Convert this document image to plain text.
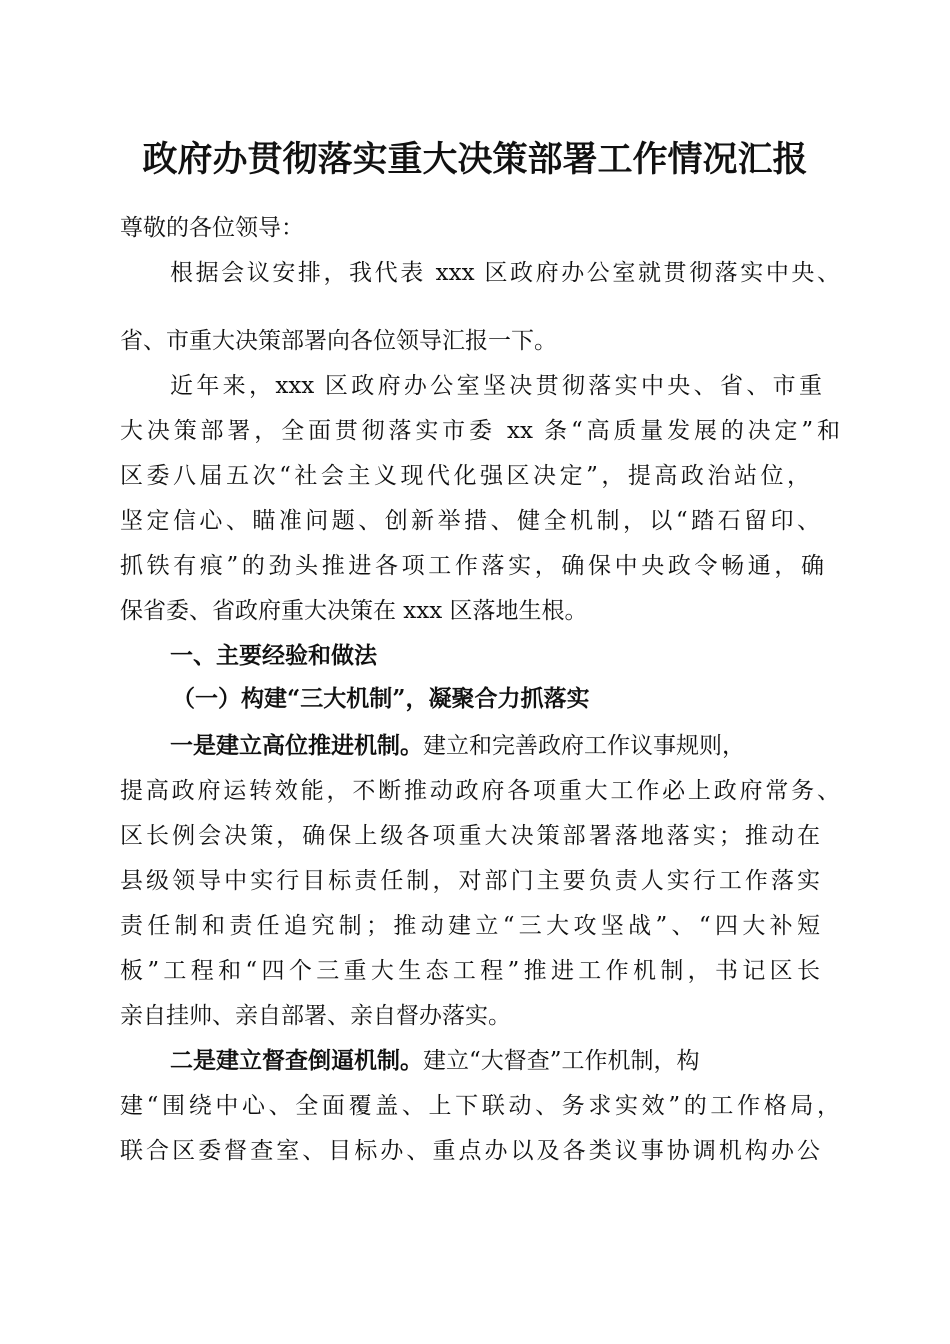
政府办贯彻落实重大决策部署工作情况汇报
尊敬的各位领导：
根据会议安排，我代表 xxx 区政府办公室就贯彻落实中央、
省、市重大决策部署向各位领导汇报一下。
近年来，xxx 区政府办公室坚决贯彻落实中央、省、市重
大决策部署，全面贯彻落实市委 xx 条“高质量发展的决定”和
区委八届五次“社会主义现代化强区决定”，提高政治站位，
坚定信心、瞄准问题、创新举措、健全机制，以“踏石留印、
抓铁有痕”的劲头推进各项工作落实，确保中央政令畅通，确
保省委、省政府重大决策在 xxx 区落地生根。
一、主要经验和做法
（一）构建“三大机制”，凝聚合力抓落实
一是建立高位推进机制。建立和完善政府工作议事规则，
提高政府运转效能，不断推动政府各项重大工作必上政府常务、
区长例会决策，确保上级各项重大决策部署落地落实；推动在
县级领导中实行目标责任制，对部门主要负责人实行工作落实
责任制和责任追究制；推动建立“三大攻坚战”、“四大补短
板”工程和“四个三重大生态工程”推进工作机制，书记区长
亲自挂帅、亲自部署、亲自督办落实。
二是建立督查倒逼机制。建立“大督查”工作机制，构
建“围绕中心、全面覆盖、上下联动、务求实效”的工作格局，
联合区委督查室、目标办、重点办以及各类议事协调机构办公
